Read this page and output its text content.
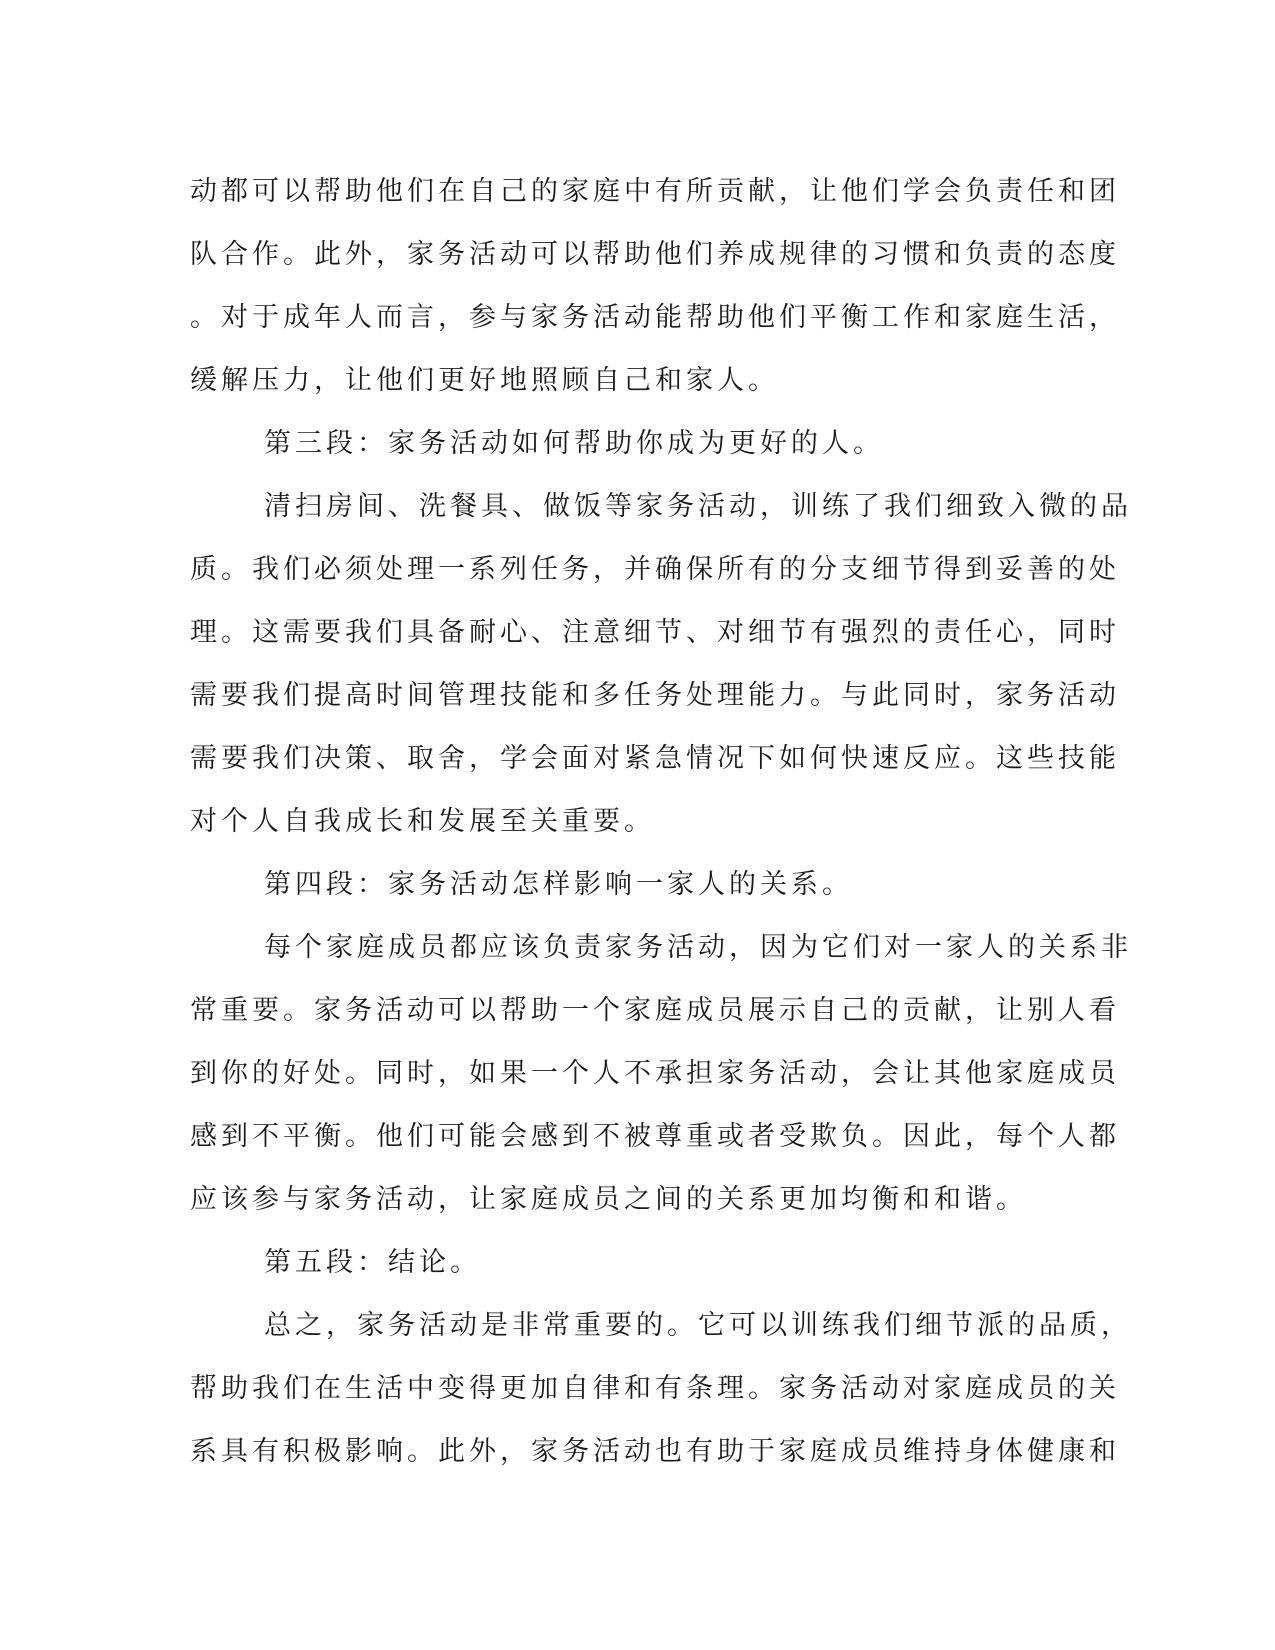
动都可以帮助他们在自己的家庭中有所贡献，让他们学会负责任和团
队合作。此外，家务活动可以帮助他们养成规律的习惯和负责的态度
。对于成年人而言，参与家务活动能帮助他们平衡工作和家庭生活，
缓解压力，让他们更好地照顾自己和家人。
第三段：家务活动如何帮助你成为更好的人。
清扫房间、洗餐具、做饭等家务活动，训练了我们细致入微的品
质。我们必须处理一系列任务，并确保所有的分支细节得到妥善的处
理。这需要我们具备耐心、注意细节、对细节有强烈的责任心，同时
需要我们提高时间管理技能和多任务处理能力。与此同时，家务活动
需要我们决策、取舍，学会面对紧急情况下如何快速反应。这些技能
对个人自我成长和发展至关重要。
第四段：家务活动怎样影响一家人的关系。
每个家庭成员都应该负责家务活动，因为它们对一家人的关系非
常重要。家务活动可以帮助一个家庭成员展示自己的贡献，让别人看
到你的好处。同时，如果一个人不承担家务活动，会让其他家庭成员
感到不平衡。他们可能会感到不被尊重或者受欺负。因此，每个人都
应该参与家务活动，让家庭成员之间的关系更加均衡和和谐。
第五段：结论。
总之，家务活动是非常重要的。它可以训练我们细节派的品质，
帮助我们在生活中变得更加自律和有条理。家务活动对家庭成员的关
系具有积极影响。此外，家务活动也有助于家庭成员维持身体健康和
